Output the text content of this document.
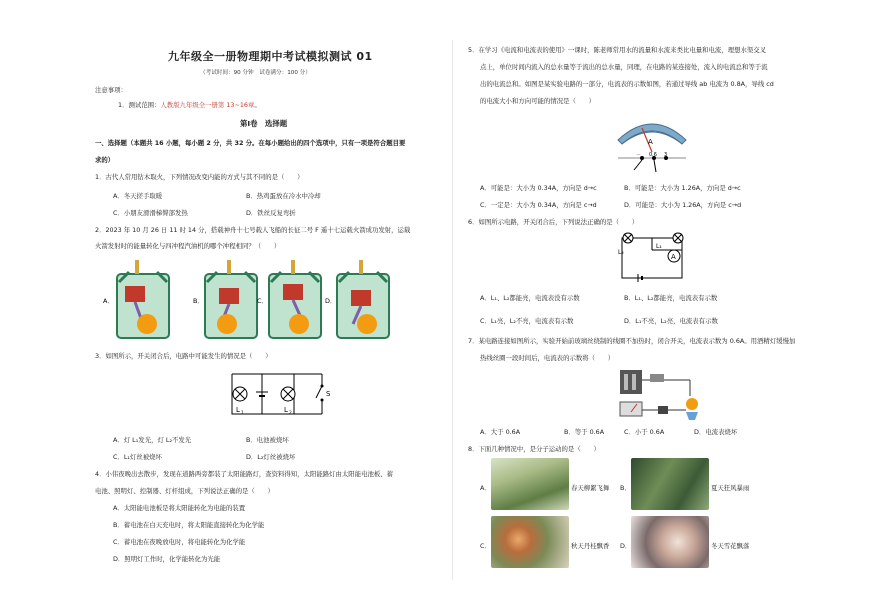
九年级全一册物理期中考试模拟测试 01
（考试时间：90 分钟　试卷满分：100 分）
注意事项：
1．测试范围：人教版九年级全一册第 13~16章。
第Ⅰ卷　选择题
一、选择题（本题共 16 小题，每小题 2 分，共 32 分。在每小题给出的四个选项中，只有一项是符合题目要
求的）
1．古代人常用钻木取火，下列情况改变内能的方式与其不同的是（　　）
A．冬天搓手取暖	B．热鸡蛋放在冷水中冷却
C．小朋友滑滑梯臀部发热	D．铁丝反复弯折
2．2023 年 10 月 26 日 11 时 14 分，搭载神舟十七号载人飞船的长征二号 F 遥十七运载火箭成功发射，运载
火箭发射时的能量转化与四冲程汽油机的哪个冲程相同？（　　）
A．	B．	C．	D．
3．如图所示，开关闭合后，电路中可能发生的情况是（　　）
L 1	L 2
S
A．灯 L₁发光，灯 L₂不发光	B．电池被烧坏
C．L₁灯丝被烧坏	D．L₂灯丝被烧坏
4．小伟夜晚出去散步，发现在道路两旁都装了太阳能路灯，查资料得知，太阳能路灯由太阳能电池板、蓄
电池、照明灯、控制器、灯杆组成，下列说法正确的是（　　）
A．太阳能电池板是将太阳能转化为电能的装置
B．蓄电池在白天充电时，将太阳能直接转化为化学能
C．蓄电池在夜晚放电时，将电能转化为化学能
D．照明灯工作时，化学能转化为光能
5．在学习《电流和电流表的使用》一课时，陈老师常用水的流量和水流来类比电量和电流，理想水渠交叉
点上，单位时间内流入的总水量等于流出的总水量，同理，在电路的某连接处，流入的电流总和等于流
出的电流总和。如图是某实验电路的一部分，电流表的示数如图，若通过导线 ab 电流为 0.8A，导线 cd
的电流大小和方向可能的情况是（　　）
A
－ 0.6 3
A．可能是：大小为 0.34A，方向是 d→c	B．可能是：大小为 1.26A，方向是 d→c
C．一定是：大小为 0.34A，方向是 c→d	D．可能是：大小为 1.26A，方向是 c→d
6．如图所示电路，开关闭合后，下列说法正确的是（　　）
A
L₂
L₁
A．L₁、L₂都能亮，电流表没有示数	B．L₁、L₂都能亮，电流表有示数
C．L₁亮，L₂不亮，电流表有示数	D．L₁不亮，L₂亮，电流表有示数
7．某电路连接如图所示，实验开始前玻璃丝绕制的线圈不加热时，闭合开关，电流表示数为 0.6A。用酒精灯缓慢加
热线丝圈一段时间后，电流表的示数将（　　）
A．大于 0.6A	B．等于 0.6A	C．小于 0.6A	D．电流表烧坏
8．下面几种情况中，是分子运动的是（　　）
A．	春天柳絮飞舞 B．	夏天狂风暴雨
C．	秋天丹桂飘香 D．	冬天雪花飘落
